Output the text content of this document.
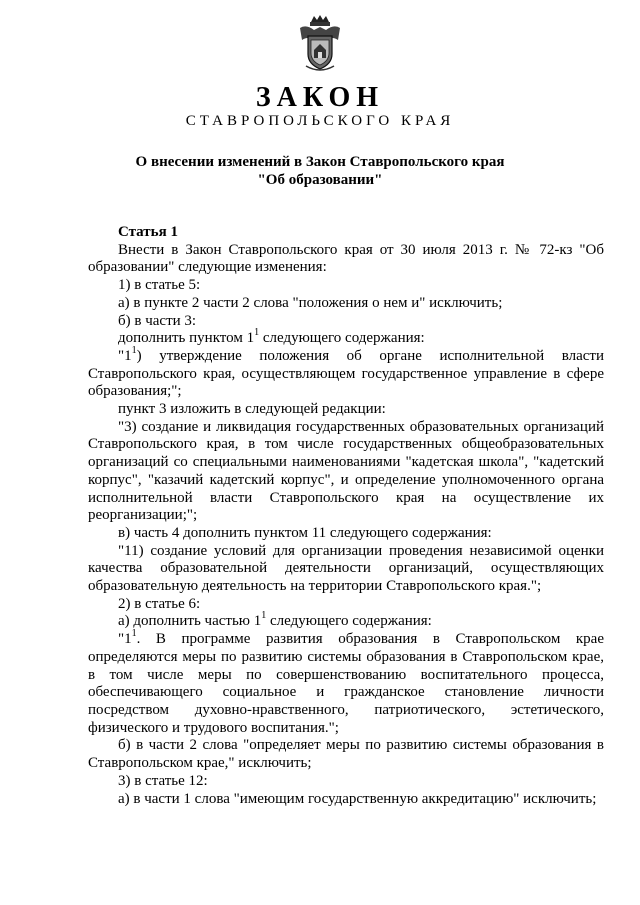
ЗАКОН
СТАВРОПОЛЬСКОГО КРАЯ
О внесении изменений в Закон Ставропольского края
"Об образовании"

Статья 1

Внести в Закон Ставропольского края от 30 июля 2013 г. № 72-кз "Об образовании" следующие изменения:

1) в статье 5:

а) в пункте 2 части 2 слова "положения о нем и" исключить;

б) в части 3:

дополнить пунктом $1^1$ следующего содержания:

"$1^1$) утверждение положения об органе исполнительной власти Ставропольского края, осуществляющем государственное управление в сфере образования;";

пункт 3 изложить в следующей редакции:

"3) создание и ликвидация государственных образовательных организаций Ставропольского края, в том числе государственных общеобразовательных организаций со специальными наименованиями "кадетская школа", "кадетский корпус", "казачий кадетский корпус", и определение уполномоченного органа исполнительной власти Ставропольского края на осуществление их реорганизации;";

в) часть 4 дополнить пунктом 11 следующего содержания:

"11) создание условий для организации проведения независимой оценки качества образовательной деятельности организаций, осуществляющих образовательную деятельность на территории Ставропольского края.";

2) в статье 6:

а) дополнить частью $1^1$ следующего содержания:

"$1^1$. В программе развития образования в Ставропольском крае определяются меры по развитию системы образования в Ставропольском крае, в том числе меры по совершенствованию воспитательного процесса, обеспечивающего социальное и гражданское становление личности посредством духовно-нравственного, патриотического, эстетического, физического и трудового воспитания.";

б) в части 2 слова "определяет меры по развитию системы образования в Ставропольском крае," исключить;

3) в статье 12:

а) в части 1 слова "имеющим государственную аккредитацию" исключить;
